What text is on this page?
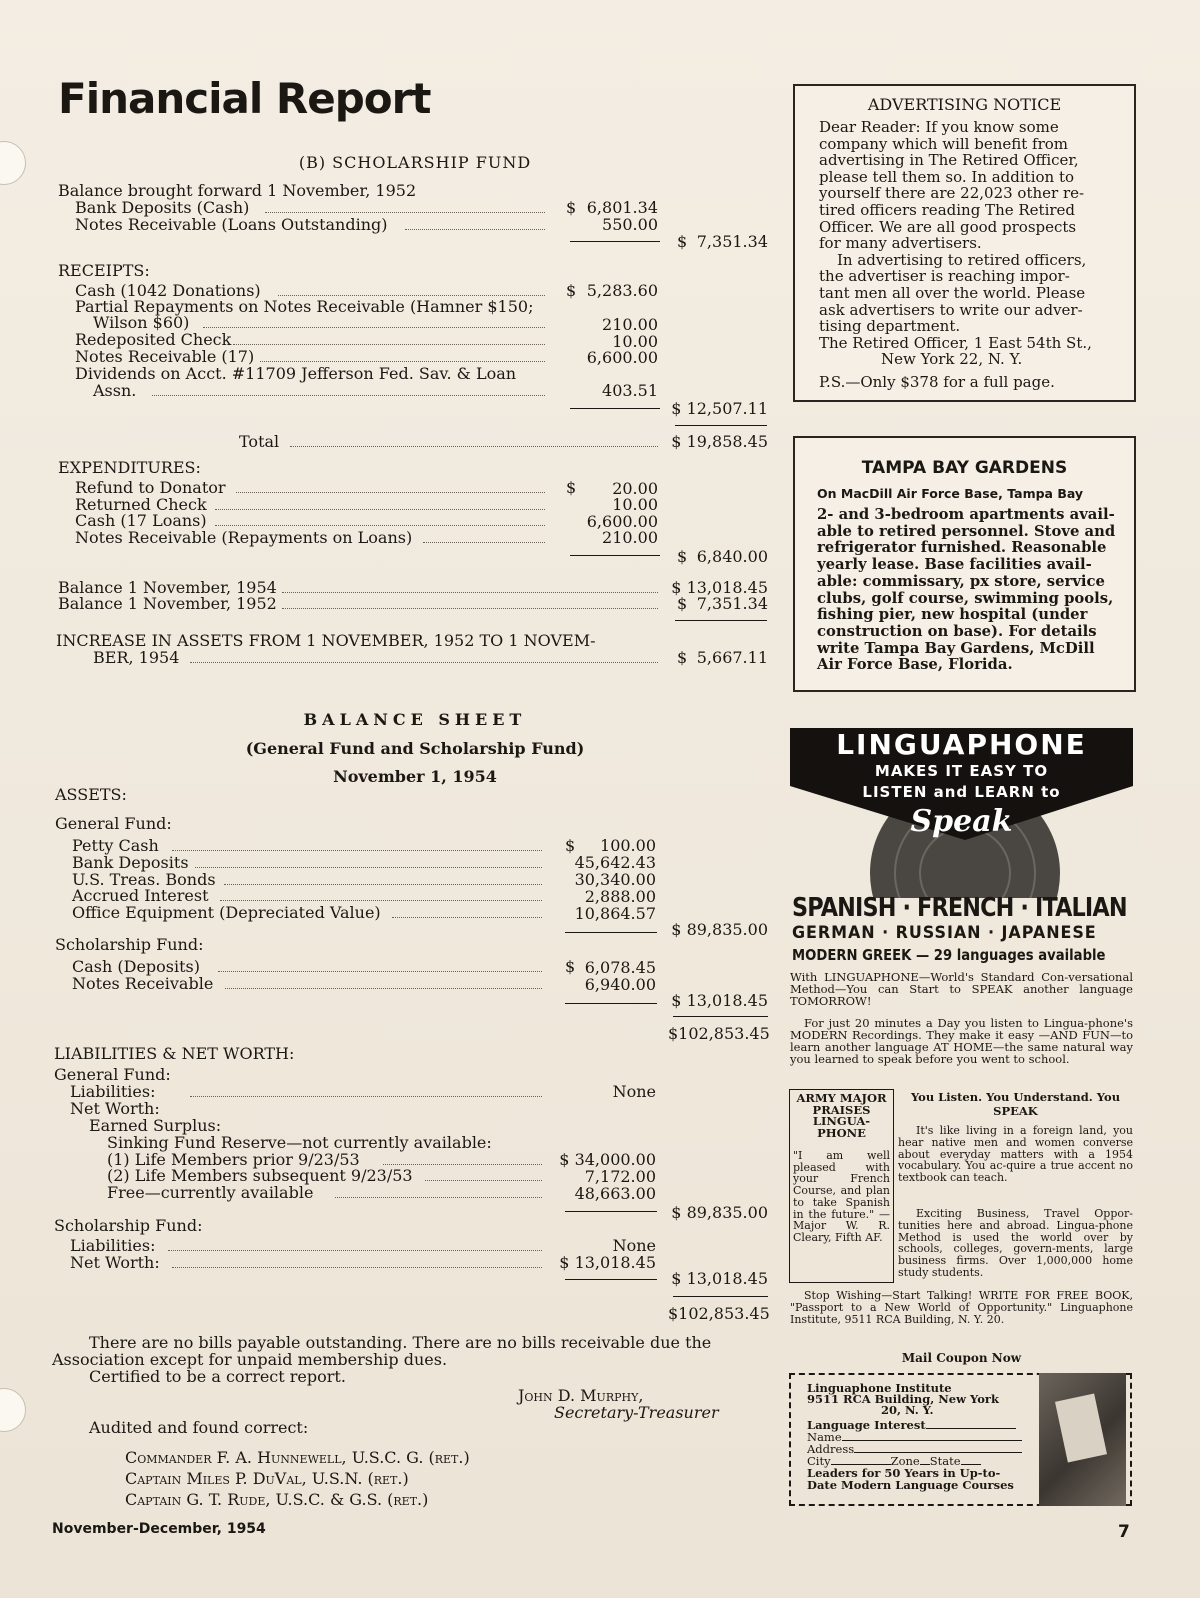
Financial Report
(B) SCHOLARSHIP FUND
Balance brought forward 1 November, 1952
Bank Deposits (Cash)	$ 6,801.34
Notes Receivable (Loans Outstanding)	550.00
$ 7,351.34
RECEIPTS:
Cash (1042 Donations)	$ 5,283.60
Partial Repayments on Notes Receivable (Hamner $150;
Wilson $60)	210.00
Redeposited Check	10.00
Notes Receivable (17)	6,600.00
Dividends on Acct. #11709 Jefferson Fed. Sav. & Loan
Assn.	403.51
$ 12,507.11
Total	$ 19,858.45
EXPENDITURES:
Refund to Donator	$	20.00
Returned Check	10.00
Cash (17 Loans)	6,600.00
Notes Receivable (Repayments on Loans)	210.00
$ 6,840.00
Balance 1 November, 1954	$ 13,018.45
Balance 1 November, 1952	$ 7,351.34
INCREASE IN ASSETS FROM 1 NOVEMBER, 1952 TO 1 NOVEM-
BER, 1954	$ 5,667.11
BALANCE SHEET
(General Fund and Scholarship Fund)
November 1, 1954
ASSETS:
General Fund:
Petty Cash	$	100.00
Bank Deposits	45,642.43
U.S. Treas. Bonds	30,340.00
Accrued Interest	2,888.00
Office Equipment (Depreciated Value)	10,864.57
$ 89,835.00
Scholarship Fund:
Cash (Deposits)	$ 6,078.45
Notes Receivable	6,940.00
$ 13,018.45
$102,853.45
LIABILITIES & NET WORTH:
General Fund:
Liabilities:	None
Net Worth:
Earned Surplus:
Sinking Fund Reserve—not currently available:
(1) Life Members prior 9/23/53	$ 34,000.00
(2) Life Members subsequent 9/23/53	7,172.00
Free—currently available	48,663.00
$ 89,835.00
Scholarship Fund:
Liabilities:	None
Net Worth:	$ 13,018.45
$ 13,018.45
$102,853.45
There are no bills payable outstanding. There are no bills receivable due the
Association except for unpaid membership dues.
Certified to be a correct report.
John D. Murphy,
Secretary-Treasurer
Audited and found correct:
Commander F. A. Hunnewell, U.S.C. G. (ret.)
Captain Miles P. DuVal, U.S.N. (ret.)
Captain G. T. Rude, U.S.C. & G.S. (ret.)
November-December, 1954	7
ADVERTISING NOTICE
Dear Reader: If you know some
company which will benefit from
advertising in The Retired Officer,
please tell them so. In addition to
yourself there are 22,023 other re-
tired officers reading The Retired
Officer. We are all good prospects
for many advertisers.
In advertising to retired officers,
the advertiser is reaching impor-
tant men all over the world. Please
ask advertisers to write our adver-
tising department.
The Retired Officer, 1 East 54th St.,
New York 22, N. Y.
P.S.—Only $378 for a full page.
TAMPA BAY GARDENS
On MacDill Air Force Base, Tampa Bay
2- and 3-bedroom apartments avail-
able to retired personnel. Stove and
refrigerator furnished. Reasonable
yearly lease. Base facilities avail-
able: commissary, px store, service
clubs, golf course, swimming pools,
fishing pier, new hospital (under
construction on base). For details
write Tampa Bay Gardens, McDill
Air Force Base, Florida.
LINGUAPHONE
MAKES IT EASY TO
LISTEN and LEARN to
Speak
SPANISH · FRENCH · ITALIAN
GERMAN · RUSSIAN · JAPANESE
MODERN GREEK — 29 languages available
With LINGUAPHONE—World's Standard Con-versational Method—You can Start to SPEAK another language TOMORROW!
For just 20 minutes a Day you listen to Lingua-phone's MODERN Recordings. They make it easy —AND FUN—to learn another language AT HOME—the same natural way you learned to speak before you went to school.
ARMY MAJOR PRAISES LINGUA-PHONE
"I am well pleased with your French Course, and plan to take Spanish in the future." — Major W. R. Cleary, Fifth AF.
You Listen. You Understand. You SPEAK
It's like living in a foreign land, you hear native men and women converse about everyday matters with a 1954 vocabulary. You ac-quire a true accent no textbook can teach.
Exciting Business, Travel Oppor-tunities here and abroad. Lingua-phone Method is used the world over by schools, colleges, govern-ments, large business firms. Over 1,000,000 home study students.
Stop Wishing—Start Talking! WRITE FOR FREE BOOK, "Passport to a New World of Opportunity." Linguaphone Institute, 9511 RCA Building, N. Y. 20.
Mail Coupon Now
Linguaphone Institute
9511 RCA Building, New York
20, N. Y.
Language Interest
Name
Address
City	Zone State
Leaders for 50 Years in Up-to-Date Modern Language Courses
